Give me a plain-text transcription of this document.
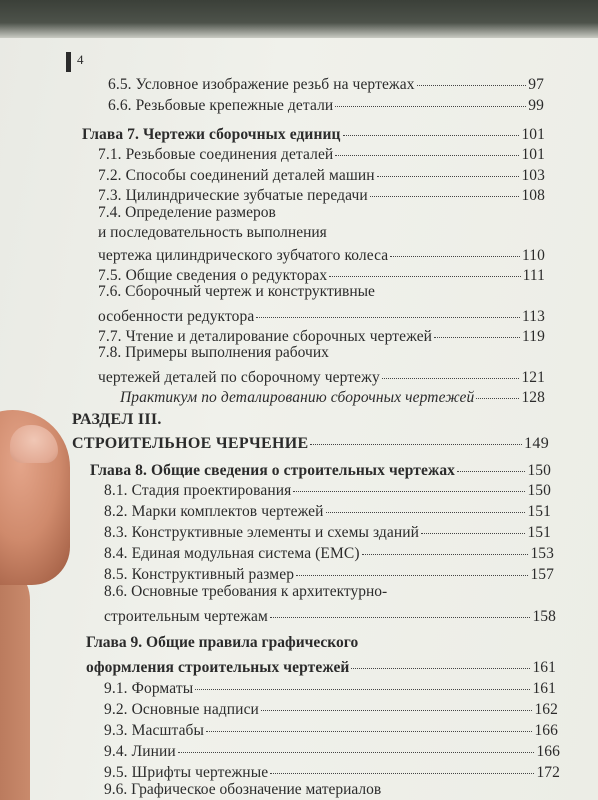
4
6.5. Условное изображение резьб на чертежах	97
6.6. Резьбовые крепежные детали	99
Глава 7. Чертежи сборочных единиц	101
7.1. Резьбовые соединения деталей	101
7.2. Способы соединений деталей машин	103
7.3. Цилиндрические зубчатые передачи	108
7.4. Определение размеров
и последовательность выполнения
чертежа цилиндрического зубчатого колеса	110
7.5. Общие сведения о редукторах	111
7.6. Сборочный чертеж и конструктивные
особенности редуктора	113
7.7. Чтение и деталирование сборочных чертежей	119
7.8. Примеры выполнения рабочих
чертежей деталей по сборочному чертежу	121
Практикум по деталированию сборочных чертежей	128
РАЗДЕЛ III.
СТРОИТЕЛЬНОЕ ЧЕРЧЕНИЕ	149
Глава 8. Общие сведения о строительных чертежах	150
8.1. Стадия проектирования	150
8.2. Марки комплектов чертежей	151
8.3. Конструктивные элементы и схемы зданий	151
8.4. Единая модульная система (ЕМС)	153
8.5. Конструктивный размер	157
8.6. Основные требования к архитектурно-
строительным чертежам	158
Глава 9. Общие правила графического
оформления строительных чертежей	161
9.1. Форматы	161
9.2. Основные надписи	162
9.3. Масштабы	166
9.4. Линии	166
9.5. Шрифты чертежные	172
9.6. Графическое обозначение материалов
